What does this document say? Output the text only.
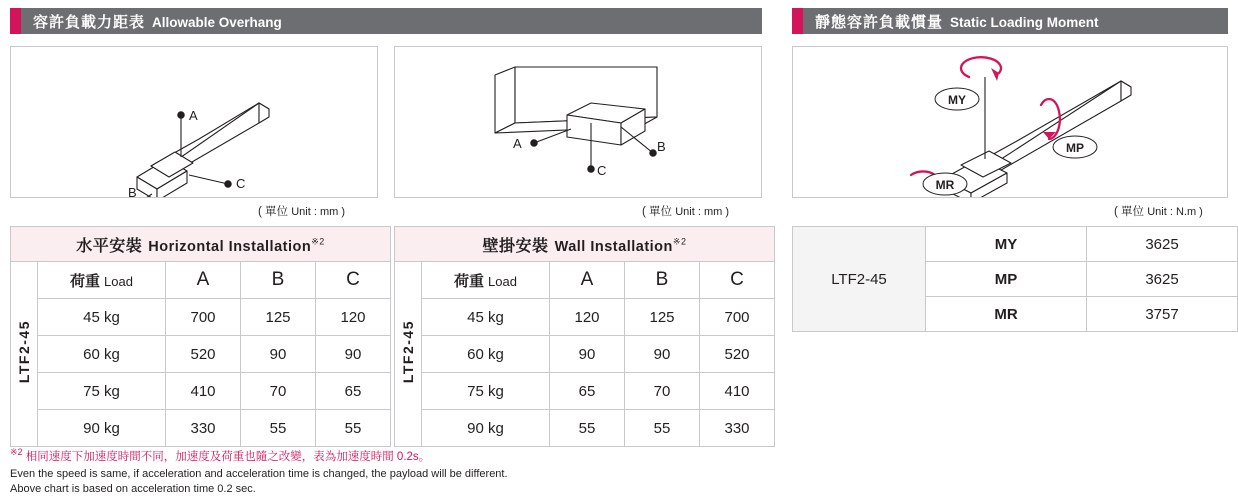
容許負載力距表 Allowable Overhang	靜態容許負載慣量 Static Loading Moment
A
C
B
( 單位 Unit : mm )
A	B
C
( 單位 Unit : mm )
MY
MP
MR
( 單位 Unit : N.m )
水平安裝 Horizontal Installation$^{※2}$
LTF2-45	荷重 Load	A	B	C
	45 kg	700	125	120
	60 kg	520	90	90
	75 kg	410	70	65
	90 kg	330	55	55
壁掛安裝 Wall Installation$^{※2}$
LTF2-45	荷重 Load	A	B	C
	45 kg	120	125	700
	60 kg	90	90	520
	75 kg	65	70	410
	90 kg	55	55	330
LTF2-45	MY	3625
	MP	3625
	MR	3757
$^{※2}$ 相同速度下加速度時間不同，加速度及荷重也隨之改變，表為加速度時間 0.2s。
Even the speed is same, if acceleration and acceleration time is changed, the payload will be different.
Above chart is based on acceleration time 0.2 sec.
